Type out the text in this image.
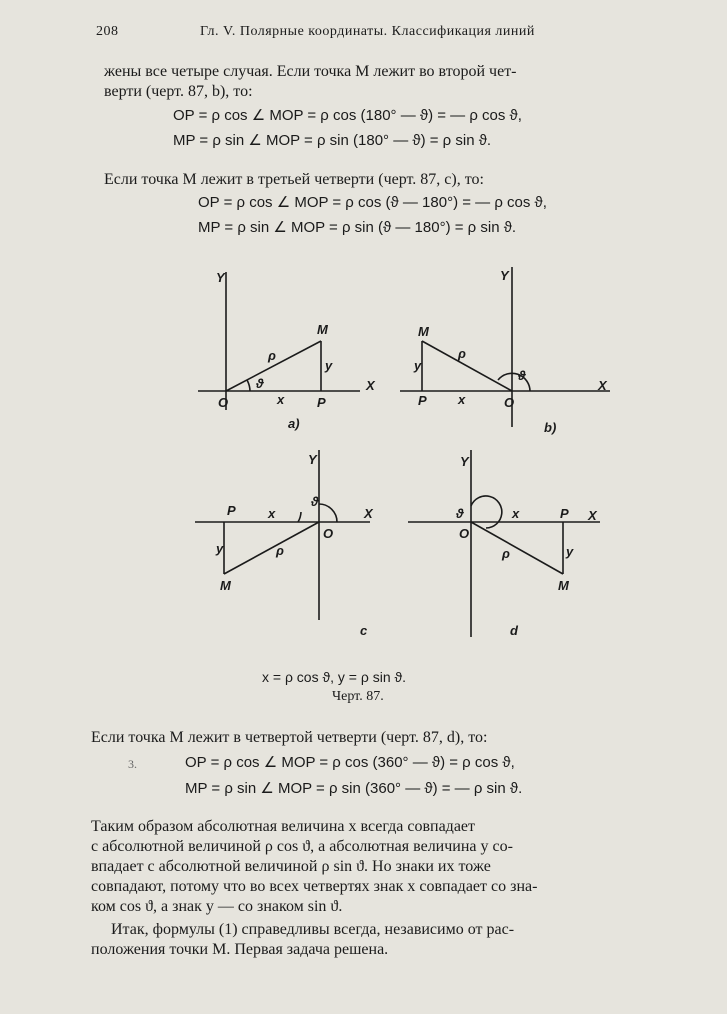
208	Гл. V. Полярные координаты. Классификация линий
жены все четыре случая. Если точка M лежит во второй чет-
верти (черт. 87, b), то:
OP = ρ cos ∠ MOP = ρ cos (180° — ϑ) = — ρ cos ϑ,
MP = ρ sin ∠ MOP = ρ sin (180° — ϑ) = ρ sin ϑ.
Если точка M лежит в третьей четверти (черт. 87, c), то:
OP = ρ cos ∠ MOP = ρ cos (ϑ — 180°) = — ρ cos ϑ,
MP = ρ sin ∠ MOP = ρ sin (ϑ — 180°) = ρ sin ϑ.
Y
X
M
ρ
y
ϑ
O	x	P
a)
Y
X
M
ρ
y
ϑ
P x	O
b)
Y
X
P x
ϑ
O
y	ρ
M
c
Y
X
ϑ
O
x	P
ρ	y
M
d
x = ρ cos ϑ, y = ρ sin ϑ.
Черт. 87.
Если точка M лежит в четвертой четверти (черт. 87, d), то:
3.	OP = ρ cos ∠ MOP = ρ cos (360° — ϑ) = ρ cos ϑ,
MP = ρ sin ∠ MOP = ρ sin (360° — ϑ) = — ρ sin ϑ.
Таким образом абсолютная величина x всегда совпадает
с абсолютной величиной ρ cos ϑ, а абсолютная величина y со-
впадает с абсолютной величиной ρ sin ϑ. Но знаки их тоже
совпадают, потому что во всех четвертях знак x совпадает со зна-
ком cos ϑ, а знак y — со знаком sin ϑ.
Итак, формулы (1) справедливы всегда, независимо от рас-
положения точки M. Первая задача решена.
